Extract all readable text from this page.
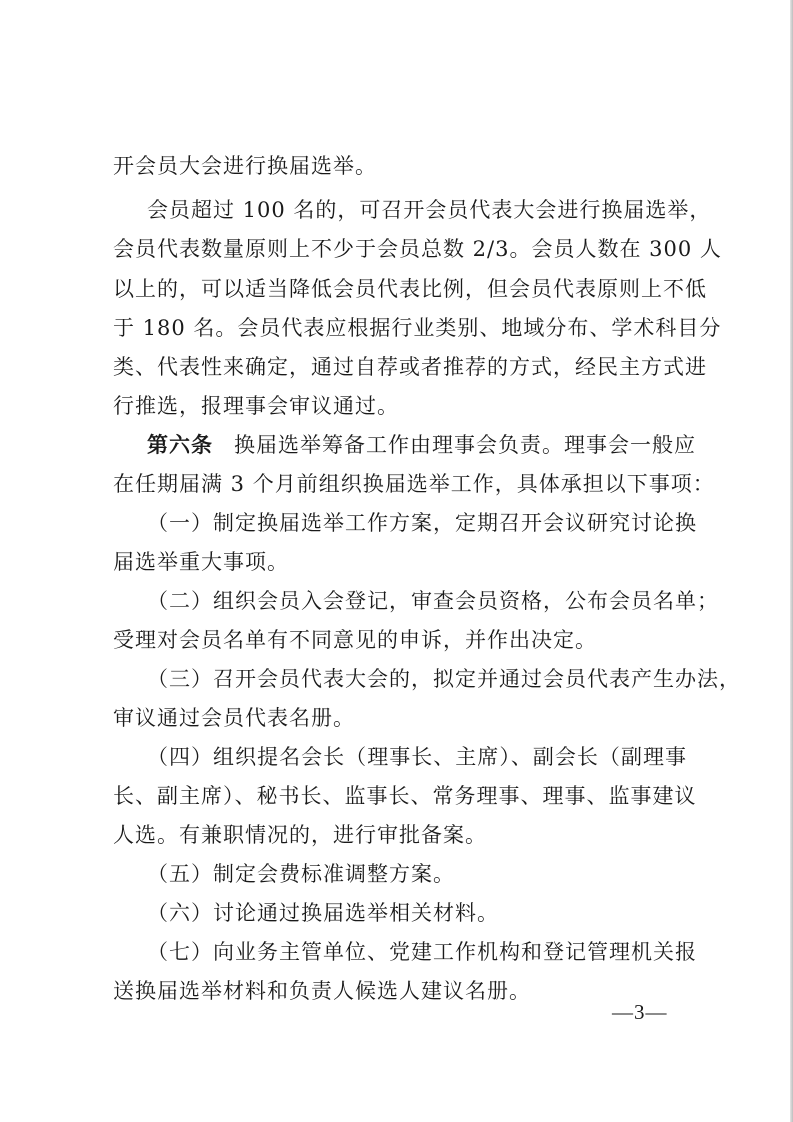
开会员大会进行换届选举。
会员超过 100 名的，可召开会员代表大会进行换届选举，
会员代表数量原则上不少于会员总数 2/3。会员人数在 300 人
以上的，可以适当降低会员代表比例，但会员代表原则上不低
于 180 名。会员代表应根据行业类别、地域分布、学术科目分
类、代表性来确定，通过自荐或者推荐的方式，经民主方式进
行推选，报理事会审议通过。
第六条 换届选举筹备工作由理事会负责。理事会一般应
在任期届满 3 个月前组织换届选举工作，具体承担以下事项：
（一）制定换届选举工作方案，定期召开会议研究讨论换
届选举重大事项。
（二）组织会员入会登记，审查会员资格，公布会员名单；
受理对会员名单有不同意见的申诉，并作出决定。
（三）召开会员代表大会的，拟定并通过会员代表产生办法，
审议通过会员代表名册。
（四）组织提名会长（理事长、主席）、副会长（副理事
长、副主席）、秘书长、监事长、常务理事、理事、监事建议
人选。有兼职情况的，进行审批备案。
（五）制定会费标准调整方案。
（六）讨论通过换届选举相关材料。
（七）向业务主管单位、党建工作机构和登记管理机关报
送换届选举材料和负责人候选人建议名册。
—3—
